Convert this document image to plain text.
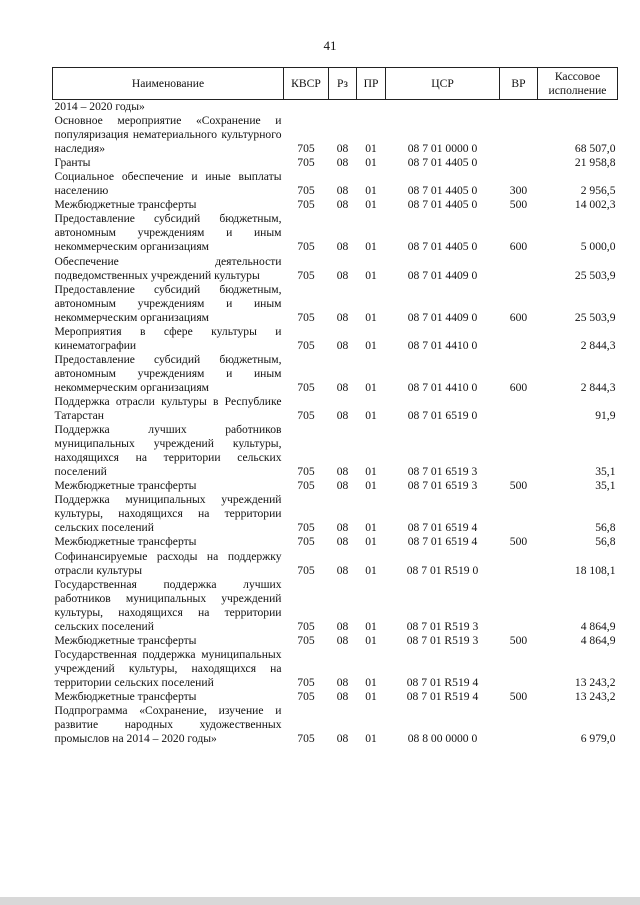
41
Наименование	КВСР	Рз	ПР	ЦСР	ВР	Кассовое исполнение
2014 – 2020 годы»						
Основное мероприятие «Сохранение и популяризация нематериального культурного наследия»	705	08	01	08 7 01 0000 0		68 507,0
Гранты	705	08	01	08 7 01 4405 0		21 958,8
Социальное обеспечение и иные выплаты населению	705	08	01	08 7 01 4405 0	300	2 956,5
Межбюджетные трансферты	705	08	01	08 7 01 4405 0	500	14 002,3
Предоставление субсидий бюджетным, автономным учреждениям и иным некоммерческим организациям	705	08	01	08 7 01 4405 0	600	5 000,0
Обеспечение деятельности подведомственных учреждений культуры	705	08	01	08 7 01 4409 0		25 503,9
Предоставление субсидий бюджетным, автономным учреждениям и иным некоммерческим организациям	705	08	01	08 7 01 4409 0	600	25 503,9
Мероприятия в сфере культуры и кинематографии	705	08	01	08 7 01 4410 0		2 844,3
Предоставление субсидий бюджетным, автономным учреждениям и иным некоммерческим организациям	705	08	01	08 7 01 4410 0	600	2 844,3
Поддержка отрасли культуры в Республике Татарстан	705	08	01	08 7 01 6519 0		91,9
Поддержка лучших работников муниципальных учреждений культуры, находящихся на территории сельских поселений	705	08	01	08 7 01 6519 3		35,1
Межбюджетные трансферты	705	08	01	08 7 01 6519 3	500	35,1
Поддержка муниципальных учреждений культуры, находящихся на территории сельских поселений	705	08	01	08 7 01 6519 4		56,8
Межбюджетные трансферты	705	08	01	08 7 01 6519 4	500	56,8
Софинансируемые расходы на поддержку отрасли культуры	705	08	01	08 7 01 R519 0		18 108,1
Государственная поддержка лучших работников муниципальных учреждений культуры, находящихся на территории сельских поселений	705	08	01	08 7 01 R519 3		4 864,9
Межбюджетные трансферты	705	08	01	08 7 01 R519 3	500	4 864,9
Государственная поддержка муниципальных учреждений культуры, находящихся на территории сельских поселений	705	08	01	08 7 01 R519 4		13 243,2
Межбюджетные трансферты	705	08	01	08 7 01 R519 4	500	13 243,2
Подпрограмма «Сохранение, изучение и развитие народных художественных промыслов на 2014 – 2020 годы»	705	08	01	08 8 00 0000 0		6 979,0
